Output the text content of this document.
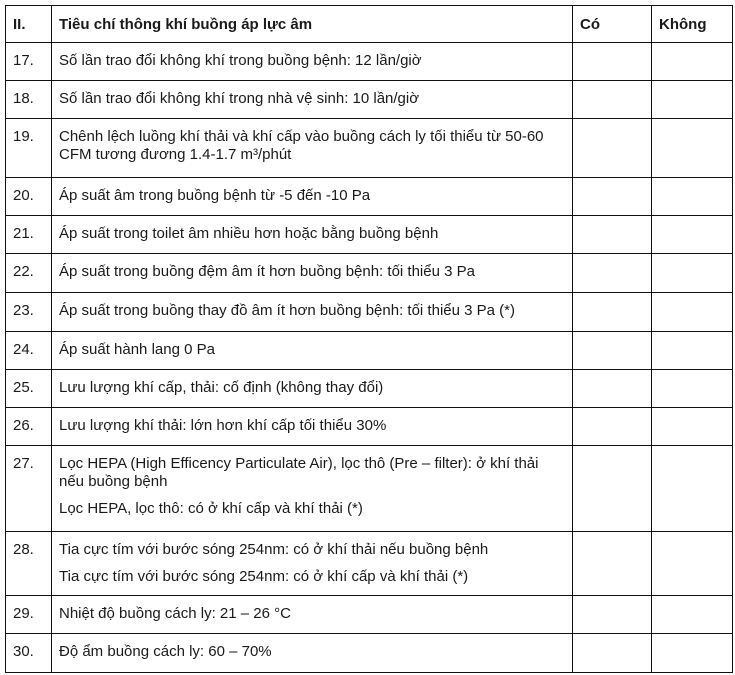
II.	Tiêu chí thông khí buồng áp lực âm	Có	Không
17.	Số lần trao đổi không khí trong buồng bệnh: 12 lần/giờ		
18.	Số lần trao đổi không khí trong nhà vệ sinh: 10 lần/giờ		
19.	Chênh lệch luồng khí thải và khí cấp vào buồng cách ly tối thiểu từ 50-60 CFM tương đương 1.4-1.7 m³/phút		
20.	Áp suất âm trong buồng bệnh từ -5 đến -10 Pa		
21.	Áp suất trong toilet âm nhiều hơn hoặc bằng buồng bệnh		
22.	Áp suất trong buồng đệm âm ít hơn buồng bệnh: tối thiểu 3 Pa		
23.	Áp suất trong buồng thay đồ âm ít hơn buồng bệnh: tối thiểu 3 Pa (*)		
24.	Áp suất hành lang 0 Pa		
25.	Lưu lượng khí cấp, thải: cố định (không thay đổi)		
26.	Lưu lượng khí thải: lớn hơn khí cấp tối thiểu 30%		
27.	Lọc HEPA (High Efficency Particulate Air), lọc thô (Pre – filter): ở khí thải nếu buồng bệnh
Lọc HEPA, lọc thô: có ở khí cấp và khí thải (*)		

28.	Tia cực tím với bước sóng 254nm: có ở khí thải nếu buồng bệnh
Tia cực tím với bước sóng 254nm: có ở khí cấp và khí thải (*)		

29.	Nhiệt độ buồng cách ly: 21 – 26 °C		
30.	Độ ẩm buồng cách ly: 60 – 70%		
